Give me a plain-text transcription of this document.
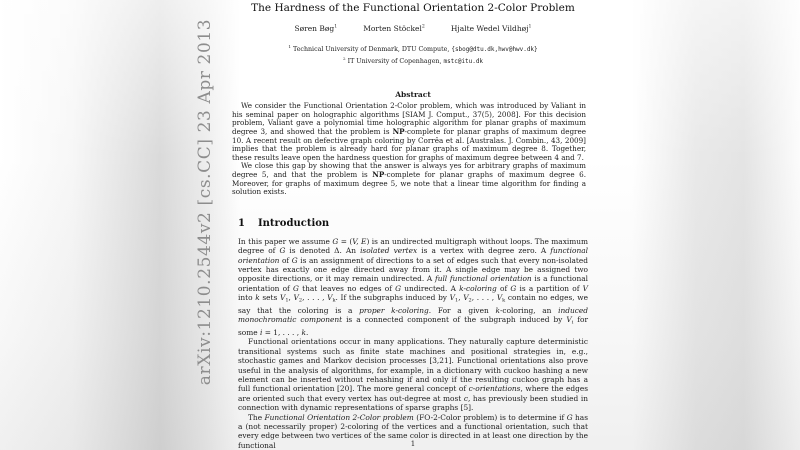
arXiv:1210.2544v2 [cs.CC] 23 Apr 2013
The Hardness of the Functional Orientation 2-Color Problem
Søren Bøg$^1$	Morten Stöckel$^2$	Hjalte Wedel Vildhøj$^1$
$^1$ Technical University of Denmark, DTU Compute, {sbog@dtu.dk,hwv@hwv.dk}
$^2$ IT University of Copenhagen, mstc@itu.dk
Abstract

We consider the Functional Orientation 2-Color problem, which was introduced by Valiant in his seminal paper on holographic algorithms [SIAM J. Comput., 37(5), 2008]. For this decision problem, Valiant gave a polynomial time holographic algorithm for planar graphs of maximum degree 3, and showed that the problem is NP-complete for planar graphs of maximum degree 10. A recent result on defective graph coloring by Corrêa et al. [Australas. J. Combin., 43, 2009] implies that the problem is already hard for planar graphs of maximum degree 8. Together, these results leave open the hardness question for graphs of maximum degree between 4 and 7.

We close this gap by showing that the answer is always yes for arbitrary graphs of maximum degree 5, and that the problem is NP-complete for planar graphs of maximum degree 6. Moreover, for graphs of maximum degree 5, we note that a linear time algorithm for finding a solution exists.

1 Introduction

In this paper we assume G = (V, E) is an undirected multigraph without loops. The maximum degree of G is denoted Δ. An isolated vertex is a vertex with degree zero. A functional orientation of G is an assignment of directions to a set of edges such that every non-isolated vertex has exactly one edge directed away from it. A single edge may be assigned two opposite directions, or it may remain undirected. A full functional orientation is a functional orientation of G that leaves no edges of G undirected. A k-coloring of G is a partition of V into k sets $V_1$, $V_2$, . . . , $V_k$. If the subgraphs induced by $V_1$, $V_2$, . . . , $V_k$ contain no edges, we say that the coloring is a proper k-coloring. For a given k-coloring, an induced monochromatic component is a connected component of the subgraph induced by $V_i$ for some i = 1, . . . , k.

Functional orientations occur in many applications. They naturally capture deterministic transitional systems such as finite state machines and positional strategies in, e.g., stochastic games and Markov decision processes [3,21]. Functional orientations also prove useful in the analysis of algorithms, for example, in a dictionary with cuckoo hashing a new element can be inserted without rehashing if and only if the resulting cuckoo graph has a full functional orientation [20]. The more general concept of c-orientations, where the edges are oriented such that every vertex has out-degree at most c, has previously been studied in connection with dynamic representations of sparse graphs [5].

The Functional Orientation 2-Color problem (FO-2-Color problem) is to determine if G has a (not necessarily proper) 2-coloring of the vertices and a functional orientation, such that every edge between two vertices of the same color is directed in at least one direction by the functional	1
